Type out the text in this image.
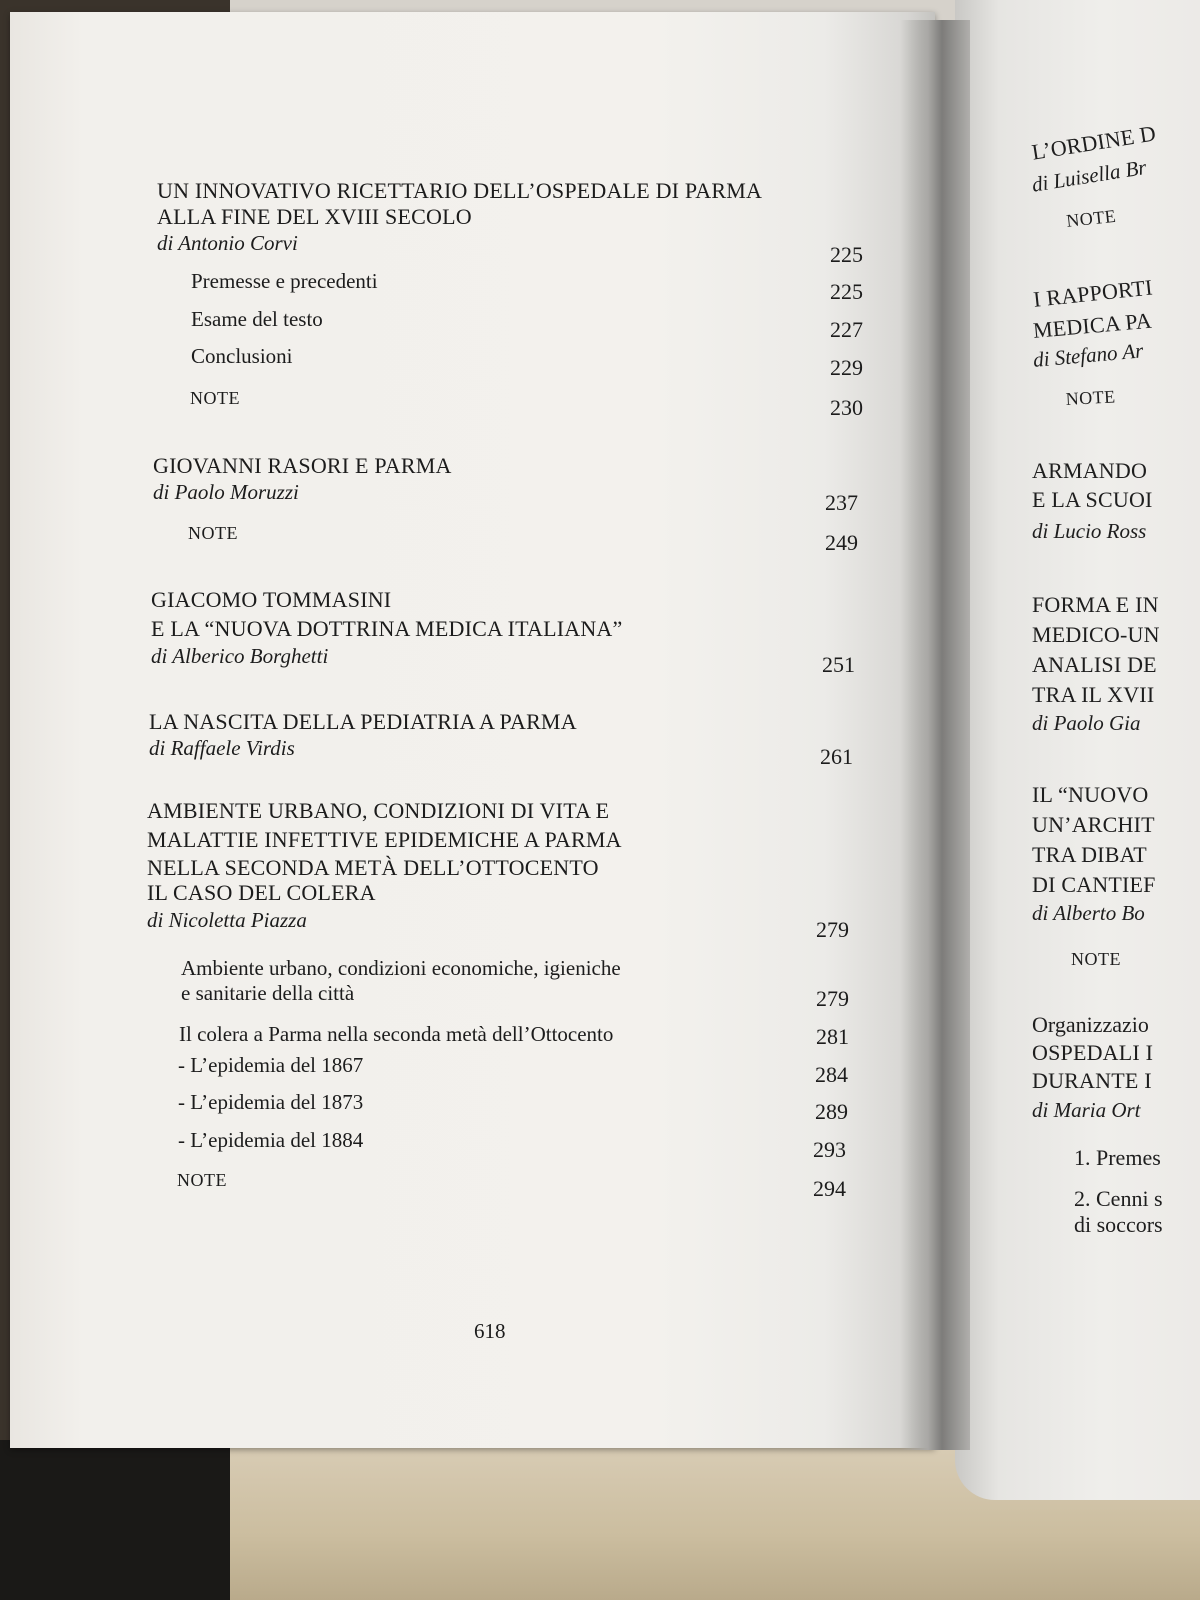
UN INNOVATIVO RICETTARIO DELL’OSPEDALE DI PARMA
ALLA FINE DEL XVIII SECOLO
di Antonio Corvi	225
Premesse e precedenti	225
Esame del testo	227
Conclusioni	229
NOTE	230
GIOVANNI RASORI E PARMA
di Paolo Moruzzi	237
NOTE	249
GIACOMO TOMMASINI
E LA “NUOVA DOTTRINA MEDICA ITALIANA”
di Alberico Borghetti	251
LA NASCITA DELLA PEDIATRIA A PARMA
di Raffaele Virdis	261
AMBIENTE URBANO, CONDIZIONI DI VITA E
MALATTIE INFETTIVE EPIDEMICHE A PARMA
NELLA SECONDA METÀ DELL’OTTOCENTO
IL CASO DEL COLERA
di Nicoletta Piazza	279
Ambiente urbano, condizioni economiche, igieniche
e sanitarie della città	279
Il colera a Parma nella seconda metà dell’Ottocento	281
- L’epidemia del 1867	284
- L’epidemia del 1873	289
- L’epidemia del 1884	293
NOTE	294
618
L’ORDINE D
di Luisella Br
NOTE
I RAPPORTI
MEDICA PA
di Stefano Ar
NOTE
ARMANDO
E LA SCUOI
di Lucio Ross
FORMA E IN
MEDICO-UN
ANALISI DE
TRA IL XVII
di Paolo Gia
IL “NUOVO
UN’ARCHIT
TRA DIBAT
DI CANTIEF
di Alberto Bo
NOTE
Organizzazio
OSPEDALI I
DURANTE I
di Maria Ort
1. Premes
2. Cenni s
di soccors
